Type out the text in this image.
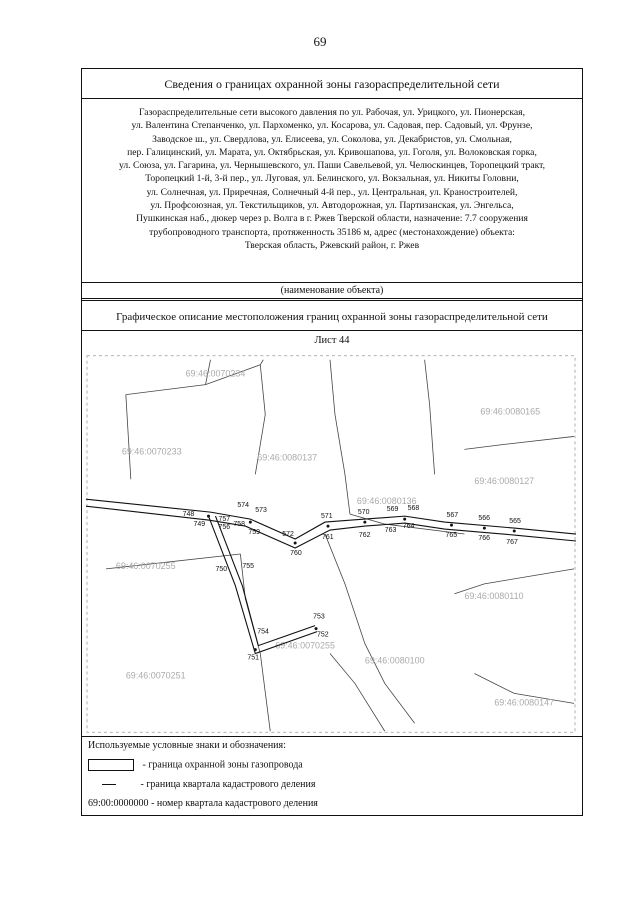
69
Сведения о границах охранной зоны газораспределительной сети
Газораспределительные сети высокого давления по ул. Рабочая, ул. Урицкого, ул. Пионерская,
ул. Валентина Степанченко, ул. Пархоменко, ул. Косарова, ул. Садовая, пер. Садовый, ул. Фрунзе,
Заводское ш., ул. Свердлова, ул. Елисеева, ул. Соколова, ул. Декабристов, ул. Смольная,
пер. Галицинский, ул. Марата, ул. Октябрьская, ул. Кривошапова, ул. Гоголя, ул. Волоковская горка,
ул. Союза, ул. Гагарина, ул. Чернышевского, ул. Паши Савельевой, ул. Челюскинцев, Торопецкий тракт,
Торопецкий 1-й, 3-й пер., ул. Луговая, ул. Белинского, ул. Вокзальная, ул. Никиты Головни,
ул. Солнечная, ул. Приречная, Солнечный 4-й пер., ул. Центральная, ул. Краностроителей,
ул. Профсоюзная, ул. Текстильщиков, ул. Автодорожная, ул. Партизанская, ул. Энгельса,
Пушкинская наб., дюкер через р. Волга в г. Ржев Тверской области, назначение: 7.7 сооружения
трубопроводного транспорта, протяженность 35186 м, адрес (местонахождение) объекта:
Тверская область, Ржевский район, г. Ржев
(наименование объекта)
Графическое описание местоположения границ охранной зоны газораспределительной сети
Лист 44
69:46:0070234
69:46:0080165
69:46:0070233
69:46:0080137
69:46:0080127
69:46:0080136
69:46:0070255
69:46:0080110
69:46:0070255
69:46:0080100
69:46:0070251
69:46:0080147
748
749
757
756 758
759
574
573
572
760
571
761
570
762
569
763
568
764
567
765
566
766
565
767
750 755
754
751
753
752
Используемые условные знаки и обозначения:
- граница охранной зоны газопровода
- граница квартала кадастрового деления
69:00:0000000 - номер квартала кадастрового деления
